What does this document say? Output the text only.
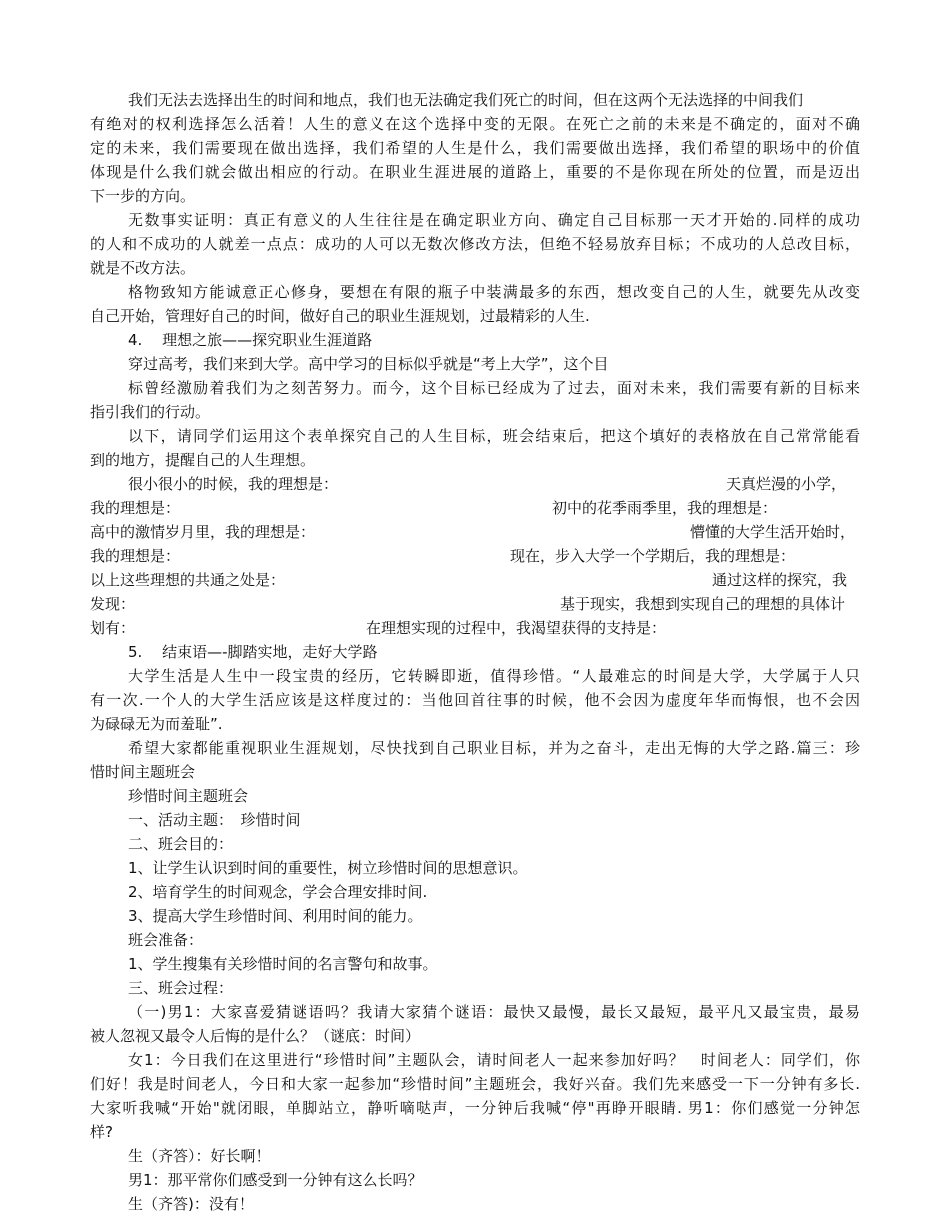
我们无法去选择出生的时间和地点，我们也无法确定我们死亡的时间，但在这两个无法选择的中间我们
有绝对的权利选择怎么活着！人生的意义在这个选择中变的无限。在死亡之前的未来是不确定的，面对不确
定的未来，我们需要现在做出选择，我们希望的人生是什么，我们需要做出选择，我们希望的职场中的价值
体现是什么我们就会做出相应的行动。在职业生涯进展的道路上，重要的不是你现在所处的位置，而是迈出
下一步的方向。
无数事实证明：真正有意义的人生往往是在确定职业方向、确定自己目标那一天才开始的.同样的成功
的人和不成功的人就差一点点：成功的人可以无数次修改方法，但绝不轻易放弃目标；不成功的人总改目标，
就是不改方法。
格物致知方能诚意正心修身，要想在有限的瓶子中装满最多的东西，想改变自己的人生，就要先从改变
自己开始，管理好自己的时间，做好自己的职业生涯规划，过最精彩的人生.
4.　 理想之旅——探究职业生涯道路
穿过高考，我们来到大学。高中学习的目标似乎就是“考上大学”，这个目
标曾经激励着我们为之刻苦努力。而今，这个目标已经成为了过去，面对未来，我们需要有新的目标来
指引我们的行动。
以下，请同学们运用这个表单探究自己的人生目标，班会结束后，把这个填好的表格放在自己常常能看
到的地方，提醒自己的人生理想。
很小很小的时候，我的理想是：	天真烂漫的小学，
我的理想是：	初中的花季雨季里，我的理想是：
高中的激情岁月里，我的理想是：	懵懂的大学生活开始时，
我的理想是：	现在，步入大学一个学期后，我的理想是：
以上这些理想的共通之处是：	通过这样的探究，我
发现：	基于现实，我想到实现自己的理想的具体计
划有：	在理想实现的过程中，我渴望获得的支持是：
5.　 结束语—-脚踏实地，走好大学路
大学生活是人生中一段宝贵的经历，它转瞬即逝，值得珍惜。“人最难忘的时间是大学，大学属于人只
有一次.一个人的大学生活应该是这样度过的：当他回首往事的时候，他不会因为虚度年华而悔恨，也不会因
为碌碌无为而羞耻”.
希望大家都能重视职业生涯规划，尽快找到自己职业目标，并为之奋斗，走出无悔的大学之路.篇三：珍
惜时间主题班会
珍惜时间主题班会
一、活动主题：　珍惜时间
二、班会目的：
1、让学生认识到时间的重要性，树立珍惜时间的思想意识。
2、培育学生的时间观念，学会合理安排时间.
3、提高大学生珍惜时间、利用时间的能力。
班会准备：
1、学生搜集有关珍惜时间的名言警句和故事。
三、班会过程：
（一)男1：大家喜爱猜谜语吗？我请大家猜个谜语：最快又最慢，最长又最短，最平凡又最宝贵，最易
被人忽视又最令人后悔的是什么？（谜底：时间）
女1：今日我们在这里进行“珍惜时间”主题队会，请时间老人一起来参加好吗？　时间老人：同学们，你
们好！我是时间老人，今日和大家一起参加“珍惜时间”主题班会，我好兴奋。我们先来感受一下一分钟有多长.
大家听我喊“开始"就闭眼，单脚站立，静听嘀哒声，一分钟后我喊“停"再睁开眼睛. 男1：你们感觉一分钟怎
样?
生（齐答）：好长啊！
男1：那平常你们感受到一分钟有这么长吗？
生（齐答)：没有！
